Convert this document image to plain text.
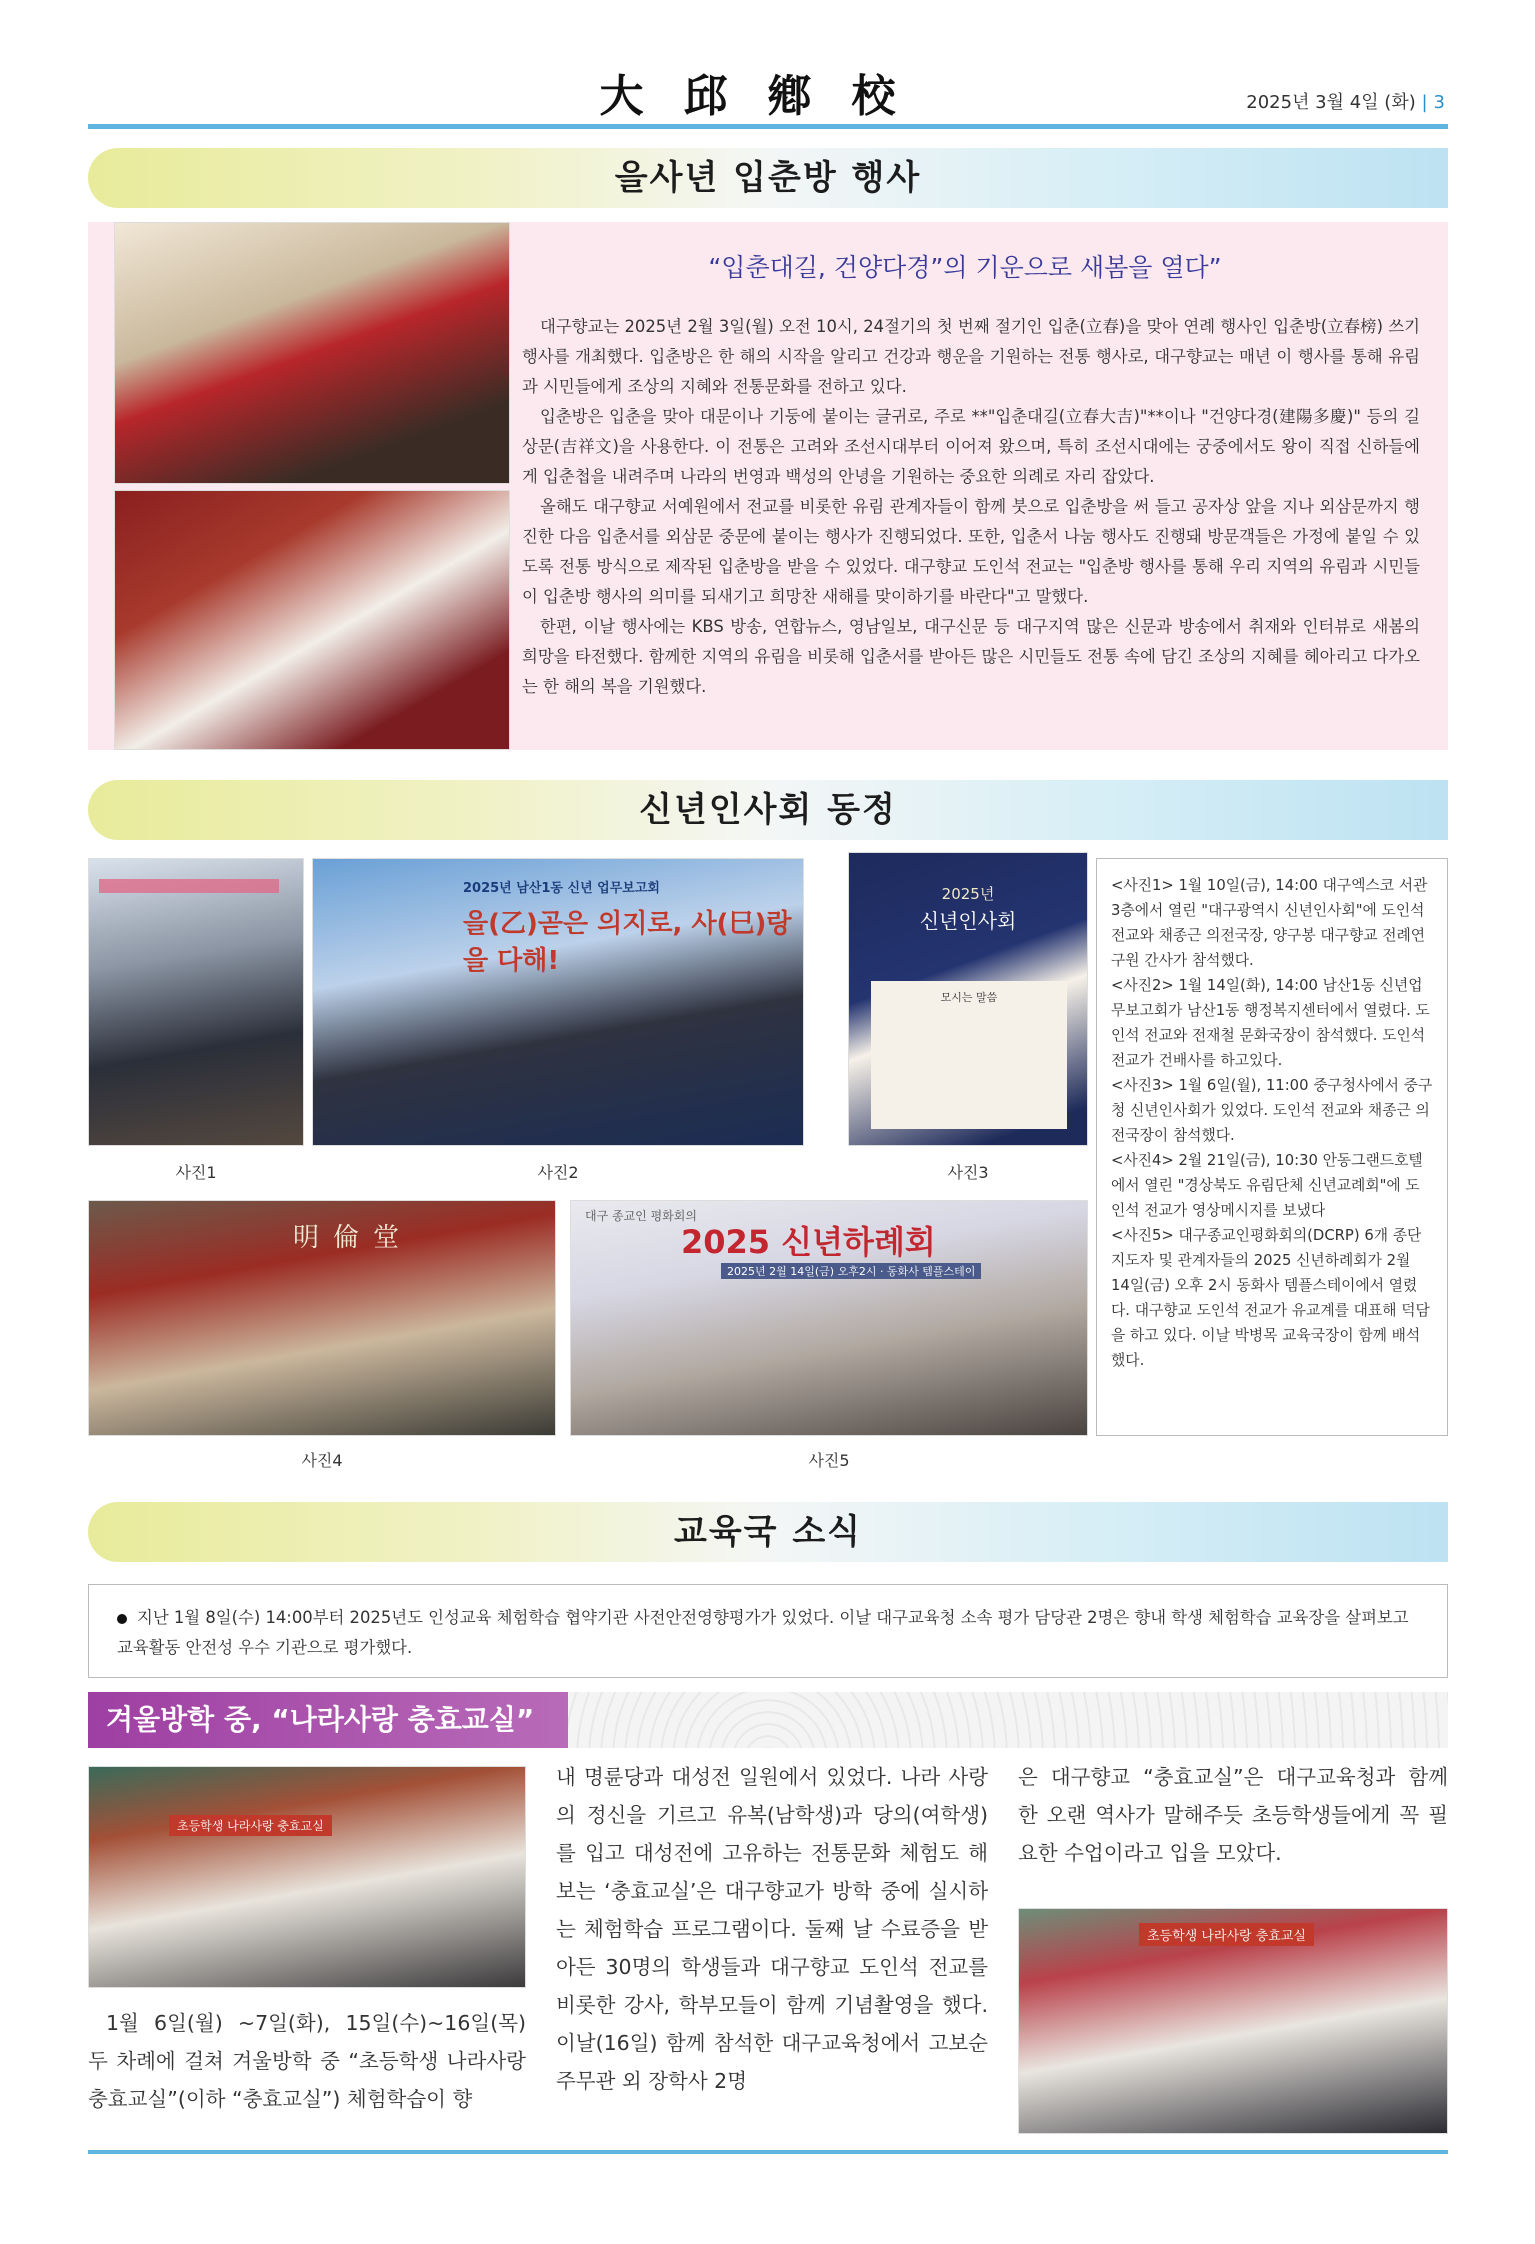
大邱鄕校	2025년 3월 4일 (화) | 3
을사년 입춘방 행사
“입춘대길, 건양다경”의 기운으로 새봄을 열다”

대구향교는 2025년 2월 3일(월) 오전 10시, 24절기의 첫 번째 절기인 입춘(立春)을 맞아 연례 행사인 입춘방(立春榜) 쓰기 행사를 개최했다. 입춘방은 한 해의 시작을 알리고 건강과 행운을 기원하는 전통 행사로, 대구향교는 매년 이 행사를 통해 유림과 시민들에게 조상의 지혜와 전통문화를 전하고 있다.

입춘방은 입춘을 맞아 대문이나 기둥에 붙이는 글귀로, 주로 **"입춘대길(立春大吉)"**이나 "건양다경(建陽多慶)" 등의 길상문(吉祥文)을 사용한다. 이 전통은 고려와 조선시대부터 이어져 왔으며, 특히 조선시대에는 궁중에서도 왕이 직접 신하들에게 입춘첩을 내려주며 나라의 번영과 백성의 안녕을 기원하는 중요한 의례로 자리 잡았다.

올해도 대구향교 서예원에서 전교를 비롯한 유림 관계자들이 함께 붓으로 입춘방을 써 들고 공자상 앞을 지나 외삼문까지 행진한 다음 입춘서를 외삼문 중문에 붙이는 행사가 진행되었다. 또한, 입춘서 나눔 행사도 진행돼 방문객들은 가정에 붙일 수 있도록 전통 방식으로 제작된 입춘방을 받을 수 있었다. 대구향교 도인석 전교는 "입춘방 행사를 통해 우리 지역의 유림과 시민들이 입춘방 행사의 의미를 되새기고 희망찬 새해를 맞이하기를 바란다"고 말했다.

한편, 이날 행사에는 KBS 방송, 연합뉴스, 영남일보, 대구신문 등 대구지역 많은 신문과 방송에서 취재와 인터뷰로 새봄의 희망을 타전했다. 함께한 지역의 유림을 비롯해 입춘서를 받아든 많은 시민들도 전통 속에 담긴 조상의 지혜를 헤아리고 다가오는 한 해의 복을 기원했다.

신년인사회 동정
2025년 남산1동 신년 업무보고회
을(乙)곧은 의지로, 사(巳)랑을 다해!
2025년
신년인사회
모시는 말씀
사진1	사진2	사진3
明倫堂
대구 종교인 평화회의
2025 신년하례회
2025년 2월 14일(금) 오후2시 · 동화사 템플스테이
사진4	사진5
<사진1> 1월 10일(금), 14:00 대구엑스코 서관 3층에서 열린 "대구광역시 신년인사회"에 도인석 전교와 채종근 의전국장, 양구봉 대구향교 전례연구원 간사가 참석했다.
<사진2> 1월 14일(화), 14:00 남산1동 신년업무보고회가 남산1동 행정복지센터에서 열렸다. 도인석 전교와 전재철 문화국장이 참석했다. 도인석 전교가 건배사를 하고있다.
<사진3> 1월 6일(월), 11:00 중구청사에서 중구청 신년인사회가 있었다. 도인석 전교와 채종근 의전국장이 참석했다.
<사진4> 2월 21일(금), 10:30 안동그랜드호텔에서 열린 "경상북도 유림단체 신년교례회"에 도인석 전교가 영상메시지를 보냈다
<사진5> 대구종교인평화회의(DCRP) 6개 종단 지도자 및 관계자들의 2025 신년하례회가 2월 14일(금) 오후 2시 동화사 템플스테이에서 열렸다. 대구향교 도인석 전교가 유교계를 대표해 덕담을 하고 있다. 이날 박병목 교육국장이 함께 배석했다.
교육국 소식
지난 1월 8일(수) 14:00부터 2025년도 인성교육 체험학습 협약기관 사전안전영향평가가 있었다. 이날 대구교육청 소속 평가 담당관 2명은 향내 학생 체험학습 교육장을 살펴보고 교육활동 안전성 우수 기관으로 평가했다.
겨울방학 중, “나라사랑 충효교실”
초등학생 나라사랑 충효교실
1월 6일(월) ~7일(화), 15일(수)~16일(목) 두 차례에 걸쳐 겨울방학 중 “초등학생 나라사랑 충효교실”(이하 “충효교실”) 체험학습이 향
내 명륜당과 대성전 일원에서 있었다. 나라 사랑의 정신을 기르고 유복(남학생)과 당의(여학생)를 입고 대성전에 고유하는 전통문화 체험도 해 보는 ‘충효교실’은 대구향교가 방학 중에 실시하는 체험학습 프로그램이다. 둘째 날 수료증을 받아든 30명의 학생들과 대구향교 도인석 전교를 비롯한 강사, 학부모들이 함께 기념촬영을 했다. 이날(16일) 함께 참석한 대구교육청에서 고보순 주무관 외 장학사 2명
은 대구향교 “충효교실”은 대구교육청과 함께 한 오랜 역사가 말해주듯 초등학생들에게 꼭 필요한 수업이라고 입을 모았다.
초등학생 나라사랑 충효교실
